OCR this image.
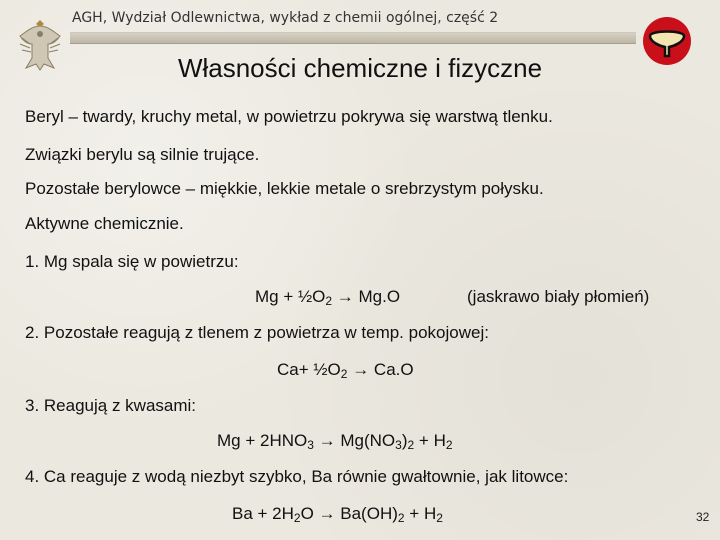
AGH, Wydział Odlewnictwa, wykład z chemii ogólnej, część 2
Własności chemiczne i fizyczne
Beryl – twardy, kruchy metal, w powietrzu pokrywa się warstwą tlenku.
Związki berylu są silnie trujące.
Pozostałe berylowce – miękkie, lekkie metale o srebrzystym połysku.
Aktywne chemicznie.
1. Mg spala się w powietrzu:
$Mg + \frac{1}{2}O_2 \to Mg.O$	(jaskrawo biały płomień)
2. Pozostałe reagują z tlenem z powietrza w temp. pokojowej:
$Ca+ \frac{1}{2}O_2 \to Ca.O$
3. Reagują z kwasami:
$Mg + 2HNO_3 \to Mg(NO_3)_2 + H_2$
4. Ca reaguje z wodą niezbyt szybko, Ba równie gwałtownie, jak litowce:
$Ba + 2H_2O \to Ba(OH)_2 + H_2$	32
